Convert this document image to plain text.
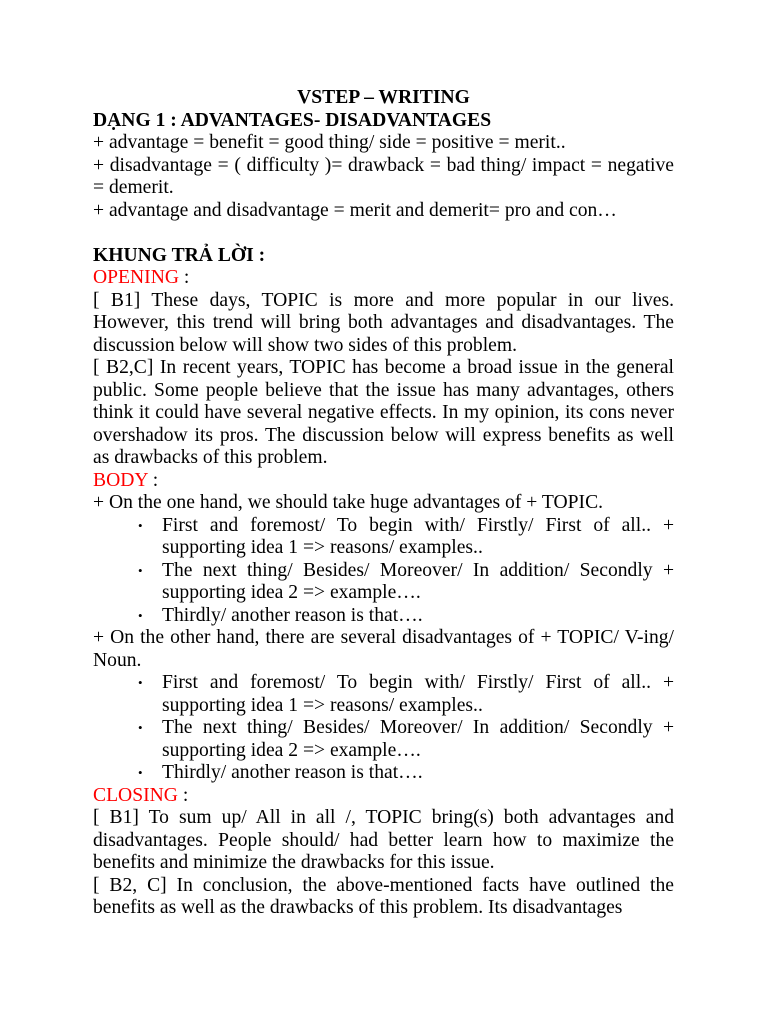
VSTEP – WRITING

DẠNG 1 : ADVANTAGES- DISADVANTAGES

+ advantage = benefit = good thing/ side = positive = merit..

+ disadvantage = ( difficulty )= drawback = bad thing/ impact = negative = demerit.

+ advantage and disadvantage = merit and demerit= pro and con…

KHUNG TRẢ LỜI :

OPENING :

[ B1] These days, TOPIC is more and more popular in our lives. However, this trend will bring both advantages and disadvantages. The discussion below will show two sides of this problem.

[ B2,C] In recent years, TOPIC has become a broad issue in the general public. Some people believe that the issue has many advantages, others think it could have several negative effects. In my opinion, its cons never overshadow its pros. The discussion below will express benefits as well as drawbacks of this problem.

BODY :

+ On the one hand, we should take huge advantages of + TOPIC.

• First and foremost/ To begin with/ Firstly/ First of all.. + supporting idea 1 => reasons/ examples..
• The next thing/ Besides/ Moreover/ In addition/ Secondly + supporting idea 2 => example….
• Thirdly/ another reason is that….

+ On the other hand, there are several disadvantages of + TOPIC/ V-ing/ Noun.

• First and foremost/ To begin with/ Firstly/ First of all.. + supporting idea 1 => reasons/ examples..
• The next thing/ Besides/ Moreover/ In addition/ Secondly + supporting idea 2 => example….
• Thirdly/ another reason is that….

CLOSING :

[ B1] To sum up/ All in all /, TOPIC bring(s) both advantages and disadvantages. People should/ had better learn how to maximize the benefits and minimize the drawbacks for this issue.

[ B2, C] In conclusion, the above-mentioned facts have outlined the benefits as well as the drawbacks of this problem. Its disadvantages
